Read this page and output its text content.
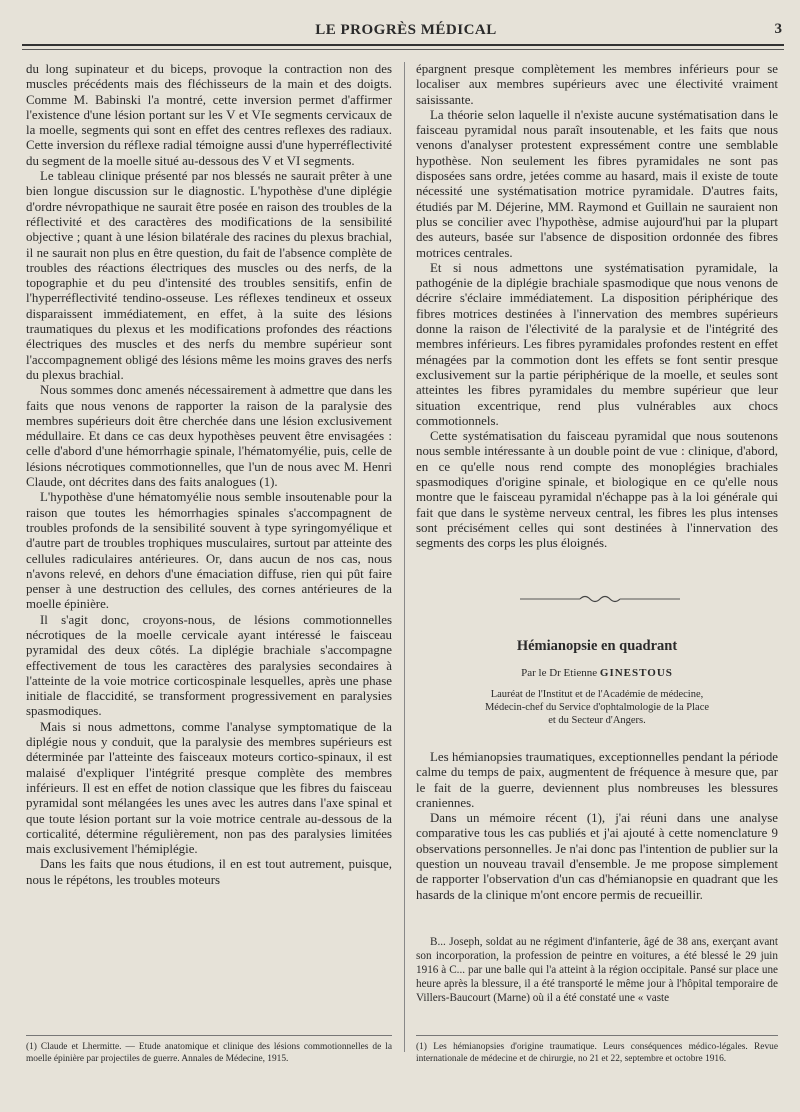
LE PROGRÈS MÉDICAL	3

du long supinateur et du biceps, provoque la contraction non des muscles précédents mais des fléchisseurs de la main et des doigts. Comme M. Babinski l'a montré, cette inversion permet d'affirmer l'existence d'une lésion portant sur les V et VIe segments cervicaux de la moelle, segments qui sont en effet des centres reflexes des radiaux. Cette inversion du réflexe radial témoigne aussi d'une hyperréflectivité du segment de la moelle situé au-dessous des V et VI segments.

Le tableau clinique présenté par nos blessés ne saurait prêter à une bien longue discussion sur le diagnostic. L'hypothèse d'une diplégie d'ordre névropathique ne saurait être posée en raison des troubles de la réflectivité et des caractères des modifications de la sensibilité objective ; quant à une lésion bilatérale des racines du plexus brachial, il ne saurait non plus en être question, du fait de l'absence complète de troubles des réactions électriques des muscles ou des nerfs, de la topographie et du peu d'intensité des troubles sensitifs, enfin de l'hyperréflectivité tendino-osseuse. Les réflexes tendineux et osseux disparaissent immédiatement, en effet, à la suite des lésions traumatiques du plexus et les modifications profondes des réactions électriques des muscles et des nerfs du membre supérieur sont l'accompagnement obligé des lésions même les moins graves des nerfs du plexus brachial.

Nous sommes donc amenés nécessairement à admettre que dans les faits que nous venons de rapporter la raison de la paralysie des membres supérieurs doit être cherchée dans une lésion exclusivement médullaire. Et dans ce cas deux hypothèses peuvent être envisagées : celle d'abord d'une hémorrhagie spinale, l'hématomyélie, puis, celle de lésions nécrotiques commotionnelles, que l'un de nous avec M. Henri Claude, ont décrites dans des faits analogues (1).

L'hypothèse d'une hématomyélie nous semble insoutenable pour la raison que toutes les hémorrhagies spinales s'accompagnent de troubles profonds de la sensibilité souvent à type syringomyélique et d'autre part de troubles trophiques musculaires, surtout par atteinte des cellules radiculaires antérieures. Or, dans aucun de nos cas, nous n'avons relevé, en dehors d'une émaciation diffuse, rien qui pût faire penser à une destruction des cellules, des cornes antérieures de la moelle épinière.

Il s'agit donc, croyons-nous, de lésions commotionnelles nécrotiques de la moelle cervicale ayant intéressé le faisceau pyramidal des deux côtés. La diplégie brachiale s'accompagne effectivement de tous les caractères des paralysies secondaires à l'atteinte de la voie motrice corticospinale lesquelles, après une phase initiale de flaccidité, se transforment progressivement en paralysies spasmodiques.

Mais si nous admettons, comme l'analyse symptomatique de la diplégie nous y conduit, que la paralysie des membres supérieurs est déterminée par l'atteinte des faisceaux moteurs cortico-spinaux, il est malaisé d'expliquer l'intégrité presque complète des membres inférieurs. Il est en effet de notion classique que les fibres du faisceau pyramidal sont mélangées les unes avec les autres dans l'axe spinal et que toute lésion portant sur la voie motrice centrale au-dessous de la corticalité, détermine régulièrement, non pas des paralysies limitées mais exclusivement l'hémiplégie.

Dans les faits que nous étudions, il en est tout autrement, puisque, nous le répétons, les troubles moteurs

épargnent presque complètement les membres inférieurs pour se localiser aux membres supérieurs avec une électivité vraiment saisissante.

La théorie selon laquelle il n'existe aucune systématisation dans le faisceau pyramidal nous paraît insoutenable, et les faits que nous venons d'analyser protestent expressément contre une semblable hypothèse. Non seulement les fibres pyramidales ne sont pas disposées sans ordre, jetées comme au hasard, mais il existe de toute nécessité une systématisation motrice pyramidale. D'autres faits, étudiés par M. Déjerine, MM. Raymond et Guillain ne sauraient non plus se concilier avec l'hypothèse, admise aujourd'hui par la plupart des auteurs, basée sur l'absence de disposition ordonnée des fibres motrices centrales.

Et si nous admettons une systématisation pyramidale, la pathogénie de la diplégie brachiale spasmodique que nous venons de décrire s'éclaire immédiatement. La disposition périphérique des fibres motrices destinées à l'innervation des membres supérieurs donne la raison de l'électivité de la paralysie et de l'intégrité des membres inférieurs. Les fibres pyramidales profondes restent en effet ménagées par la commotion dont les effets se font sentir presque exclusivement sur la partie périphérique de la moelle, et seules sont atteintes les fibres pyramidales du membre supérieur que leur situation excentrique, rend plus vulnérables aux chocs commotionnels.

Cette systématisation du faisceau pyramidal que nous soutenons nous semble intéressante à un double point de vue : clinique, d'abord, en ce qu'elle nous rend compte des monoplégies brachiales spasmodiques d'origine spinale, et biologique en ce qu'elle nous montre que le faisceau pyramidal n'échappe pas à la loi générale qui fait que dans le système nerveux central, les fibres les plus intenses sont précisément celles qui sont destinées à l'innervation des segments des corps les plus éloignés.

Hémianopsie en quadrant
Par le Dr Etienne GINESTOUS
Lauréat de l'Institut et de l'Académie de médecine,
Médecin-chef du Service d'ophtalmologie de la Place
et du Secteur d'Angers.

Les hémianopsies traumatiques, exceptionnelles pendant la période calme du temps de paix, augmentent de fréquence à mesure que, par le fait de la guerre, deviennent plus nombreuses les blessures craniennes.

Dans un mémoire récent (1), j'ai réuni dans une analyse comparative tous les cas publiés et j'ai ajouté à cette nomenclature 9 observations personnelles. Je n'ai donc pas l'intention de publier sur la question un nouveau travail d'ensemble. Je me propose simplement de rapporter l'observation d'un cas d'hémianopsie en quadrant que les hasards de la clinique m'ont encore permis de recueillir.

B... Joseph, soldat au ne régiment d'infanterie, âgé de 38 ans, exerçant avant son incorporation, la profession de peintre en voitures, a été blessé le 29 juin 1916 à C... par une balle qui l'a atteint à la région occipitale. Pansé sur place une heure après la blessure, il a été transporté le même jour à l'hôpital temporaire de Villers-Baucourt (Marne) où il a été constaté une « vaste

(1) Claude et Lhermitte. — Etude anatomique et clinique des lésions commotionnelles de la moelle épinière par projectiles de guerre. Annales de Médecine, 1915.

(1) Les hémianopsies d'origine traumatique. Leurs conséquences médico-légales. Revue internationale de médecine et de chirurgie, no 21 et 22, septembre et octobre 1916.
